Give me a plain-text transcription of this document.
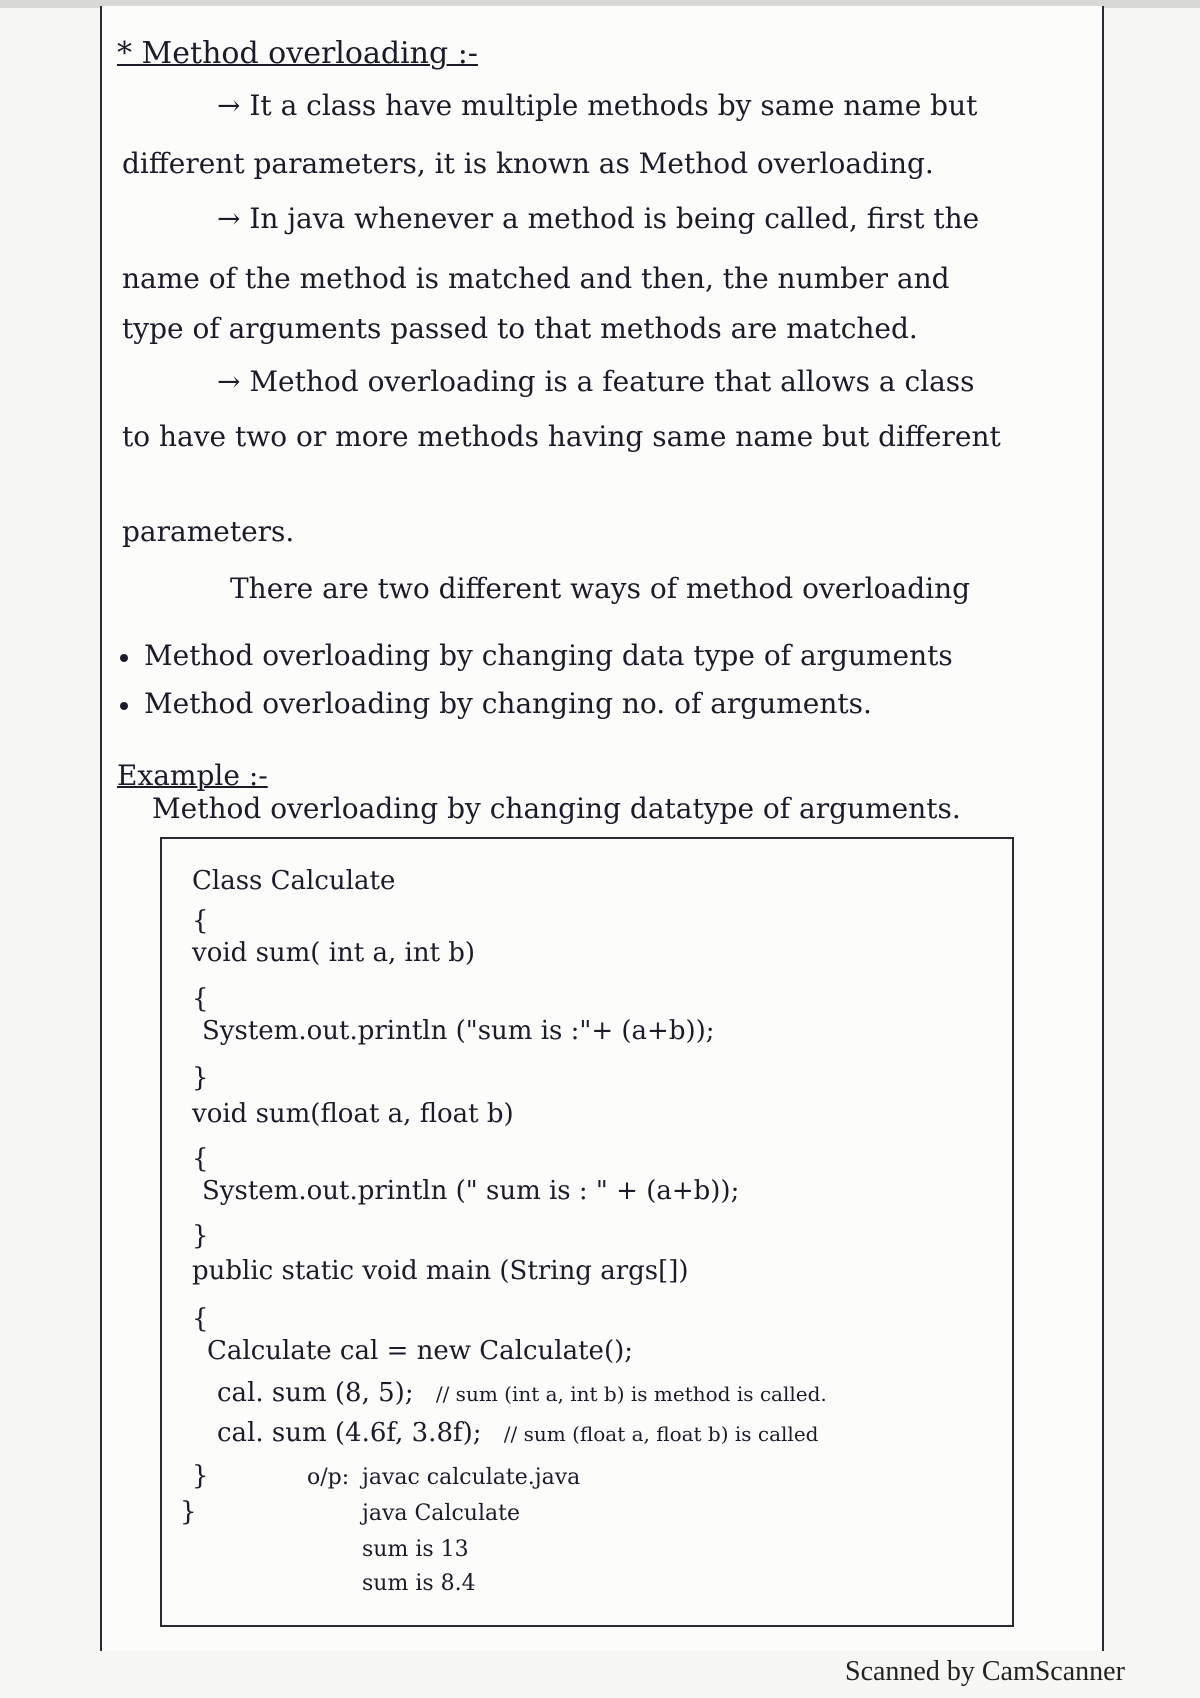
* Method overloading :-
→ It a class have multiple methods by same name but
different parameters, it is known as Method overloading.
→ In java whenever a method is being called, first the
name of the method is matched and then, the number and
type of arguments passed to that methods are matched.
→ Method overloading is a feature that allows a class
to have two or more methods having same name but different
parameters.
There are two different ways of method overloading
Method overloading by changing data type of arguments
Method overloading by changing no. of arguments.
Example :-
Method overloading by changing datatype of arguments.
Class Calculate
{
void sum( int a, int b)
{
System.out.println ("sum is :"+ (a+b));
}
void sum(float a, float b)
{
System.out.println (" sum is : " + (a+b));
}
public static void main (String args[])
{
Calculate cal = new Calculate();
cal. sum (8, 5); // sum (int a, int b) is method is called.
cal. sum (4.6f, 3.8f); // sum (float a, float b) is called
}
}
o/p: javac calculate.java
java Calculate
sum is 13
sum is 8.4
Scanned by CamScanner
